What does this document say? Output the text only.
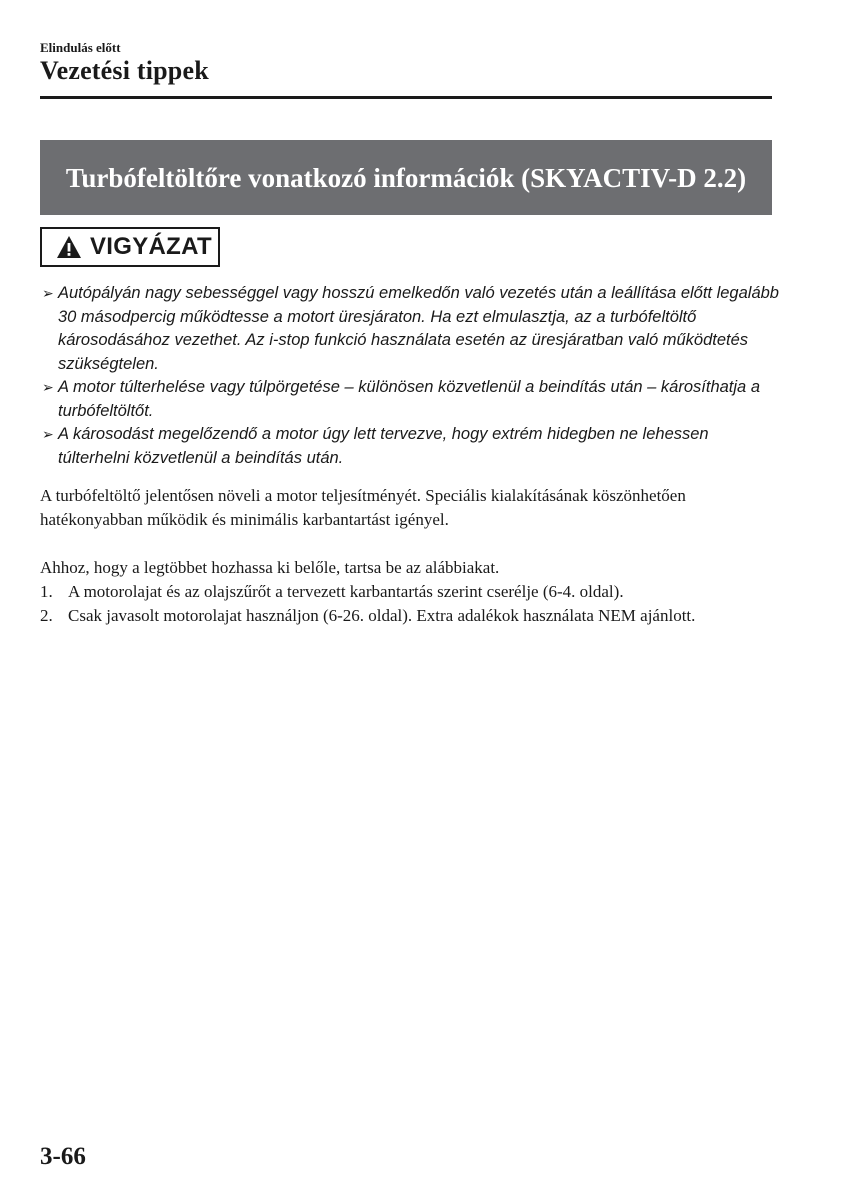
Elindulás előtt
Vezetési tippek
Turbófeltöltőre vonatkozó információk (SKYACTIV-D 2.2)
VIGYÁZAT

➢ Autópályán nagy sebességgel vagy hosszú emelkedőn való vezetés után a leállítása előtt legalább 30 másodpercig működtesse a motort üresjáraton. Ha ezt elmulasztja, az a turbófeltöltő károsodásához vezethet. Az i-stop funkció használata esetén az üresjáratban való működtetés szükségtelen.

➢ A motor túlterhelése vagy túlpörgetése – különösen közvetlenül a beindítás után – károsíthatja a turbófeltöltőt.

➢ A károsodást megelőzendő a motor úgy lett tervezve, hogy extrém hidegben ne lehessen túlterhelni közvetlenül a beindítás után.

A turbófeltöltő jelentősen növeli a motor teljesítményét. Speciális kialakításának köszönhetően hatékonyabban működik és minimális karbantartást igényel.
Ahhoz, hogy a legtöbbet hozhassa ki belőle, tartsa be az alábbiakat.
1. A motorolajat és az olajszűrőt a tervezett karbantartás szerint cserélje (6-4. oldal).
2. Csak javasolt motorolajat használjon (6-26. oldal). Extra adalékok használata NEM ajánlott.
3-66
